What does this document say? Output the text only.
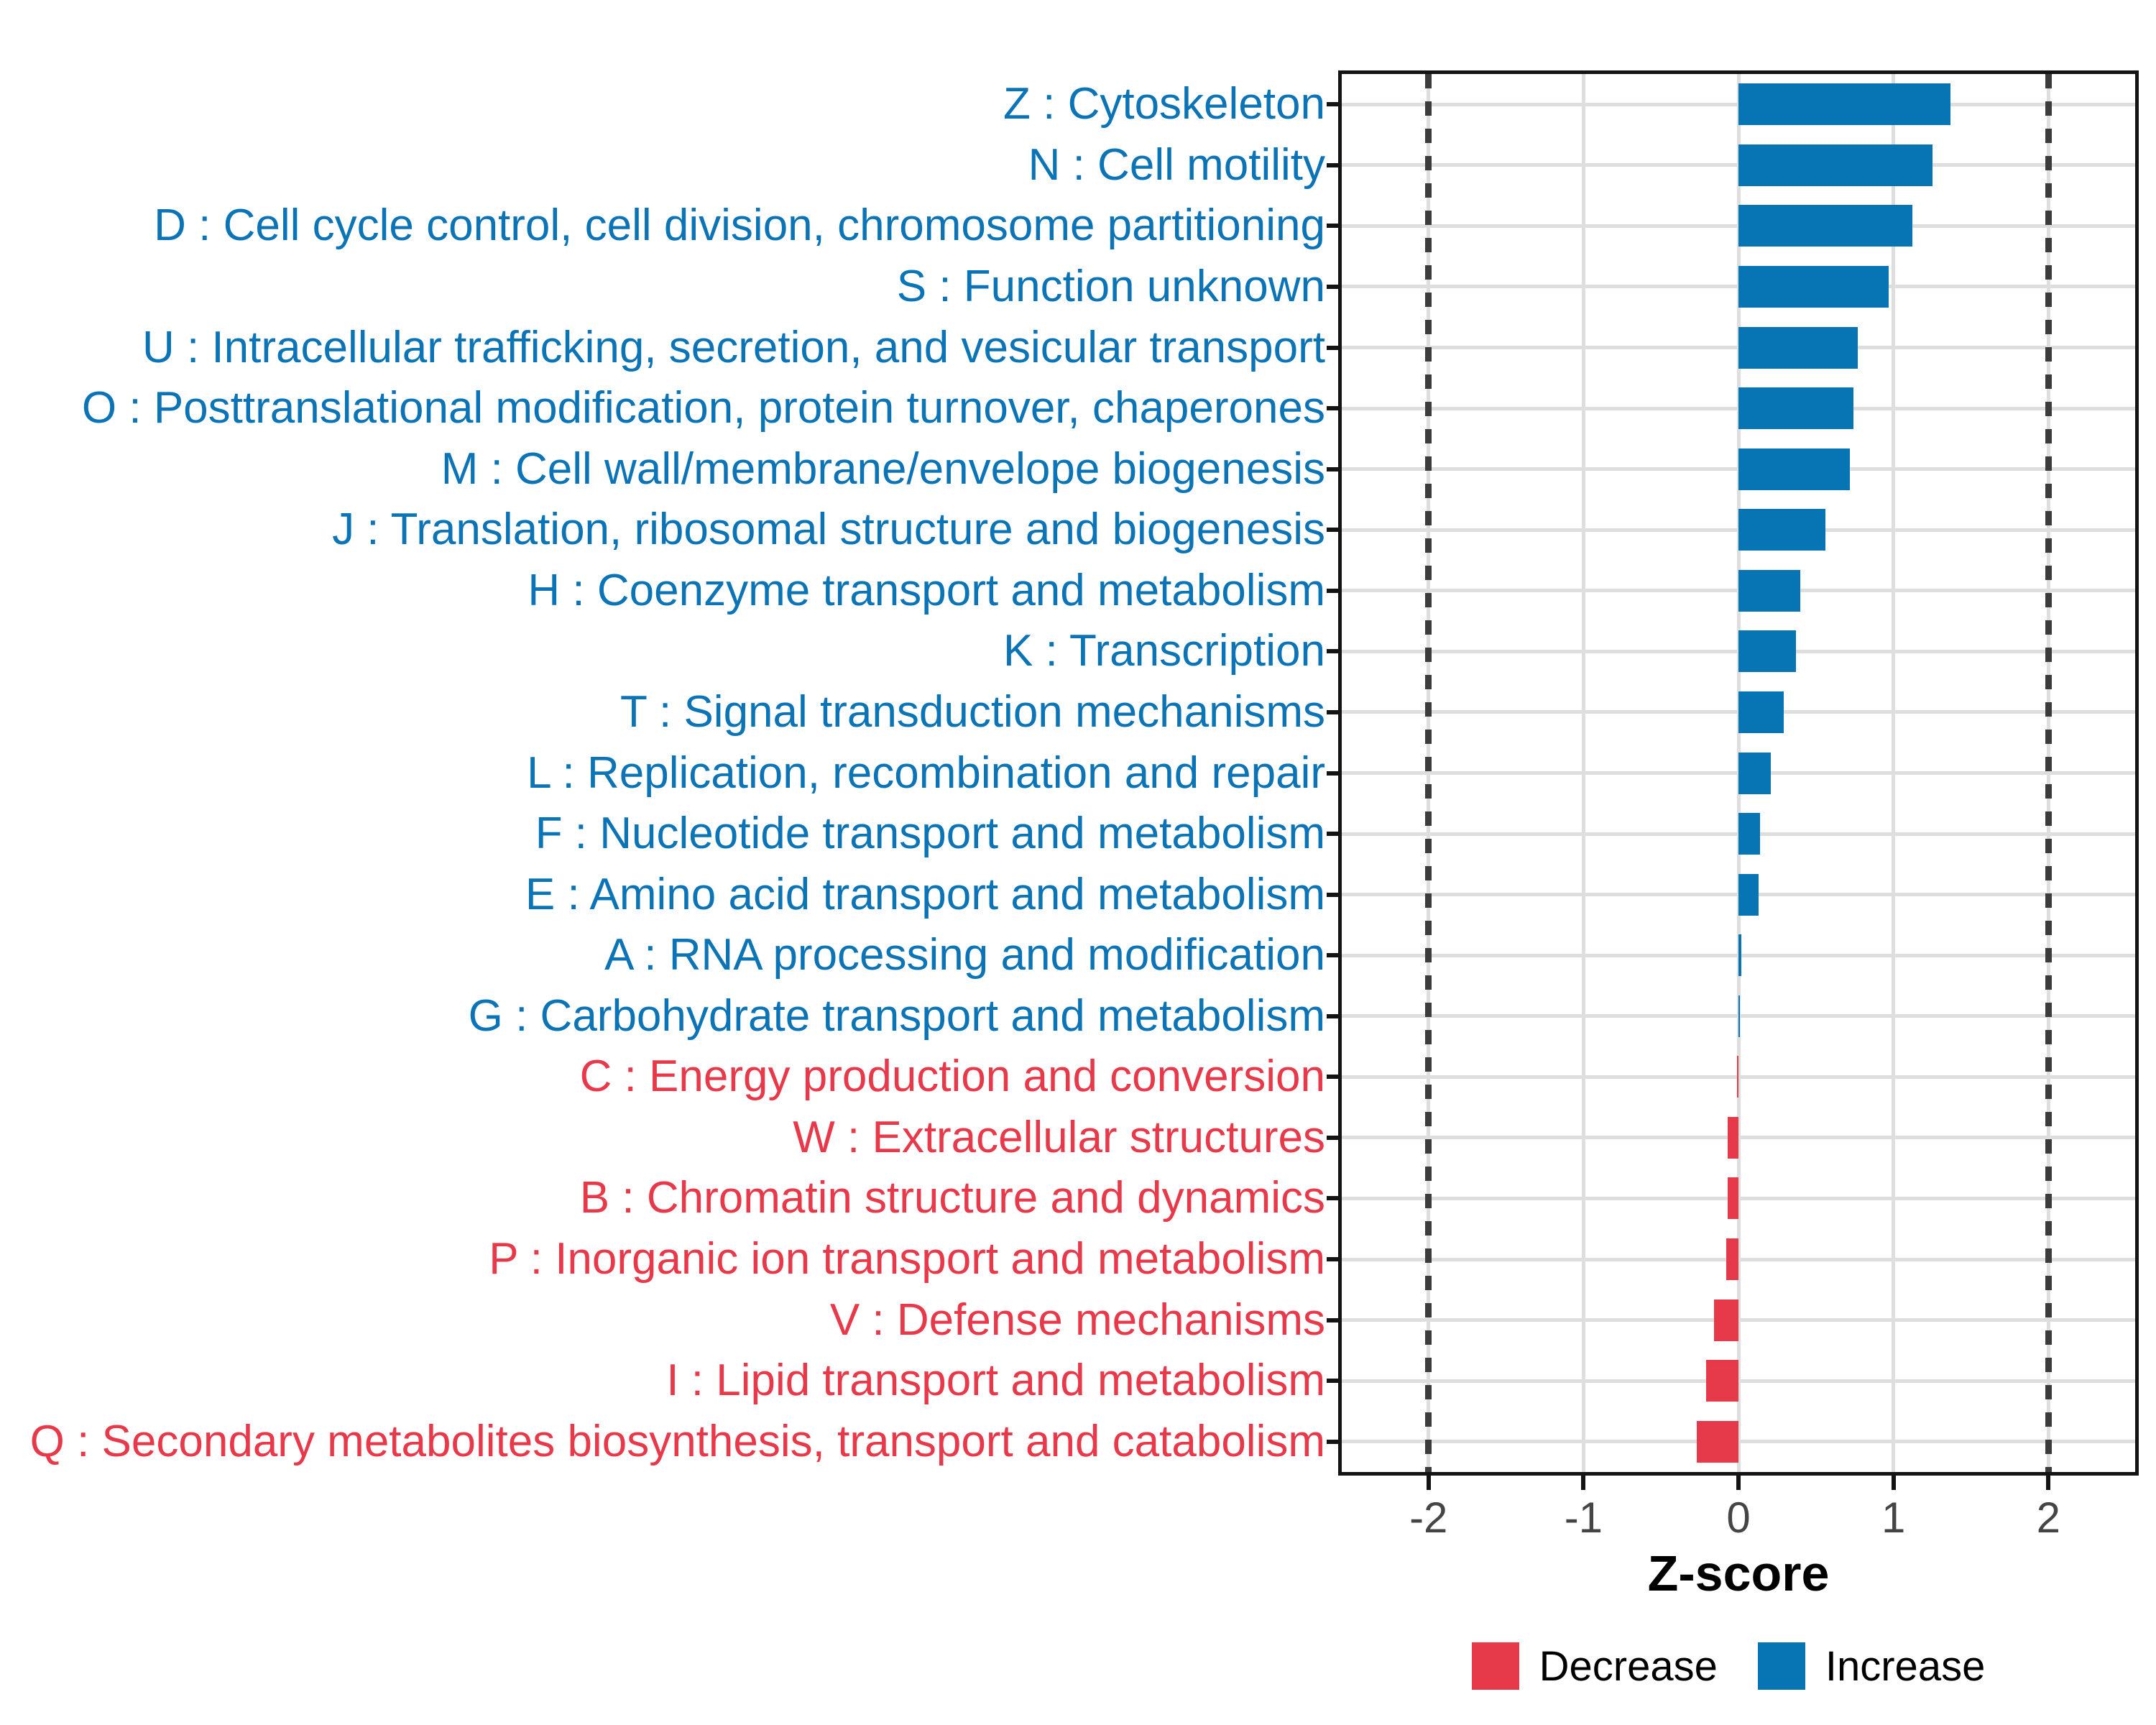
Z-score
Decrease	Increase
Z : Cytoskeleton
N : Cell motility
D : Cell cycle control, cell division, chromosome partitioning
S : Function unknown
U : Intracellular trafficking, secretion, and vesicular transport
O : Posttranslational modification, protein turnover, chaperones
M : Cell wall/membrane/envelope biogenesis
J : Translation, ribosomal structure and biogenesis
H : Coenzyme transport and metabolism
K : Transcription
T : Signal transduction mechanisms
L : Replication, recombination and repair
F : Nucleotide transport and metabolism
E : Amino acid transport and metabolism
A : RNA processing and modification
G : Carbohydrate transport and metabolism
C : Energy production and conversion
W : Extracellular structures
B : Chromatin structure and dynamics
P : Inorganic ion transport and metabolism
V : Defense mechanisms
I : Lipid transport and metabolism
Q : Secondary metabolites biosynthesis, transport and catabolism
-2	-1	0	1	2
